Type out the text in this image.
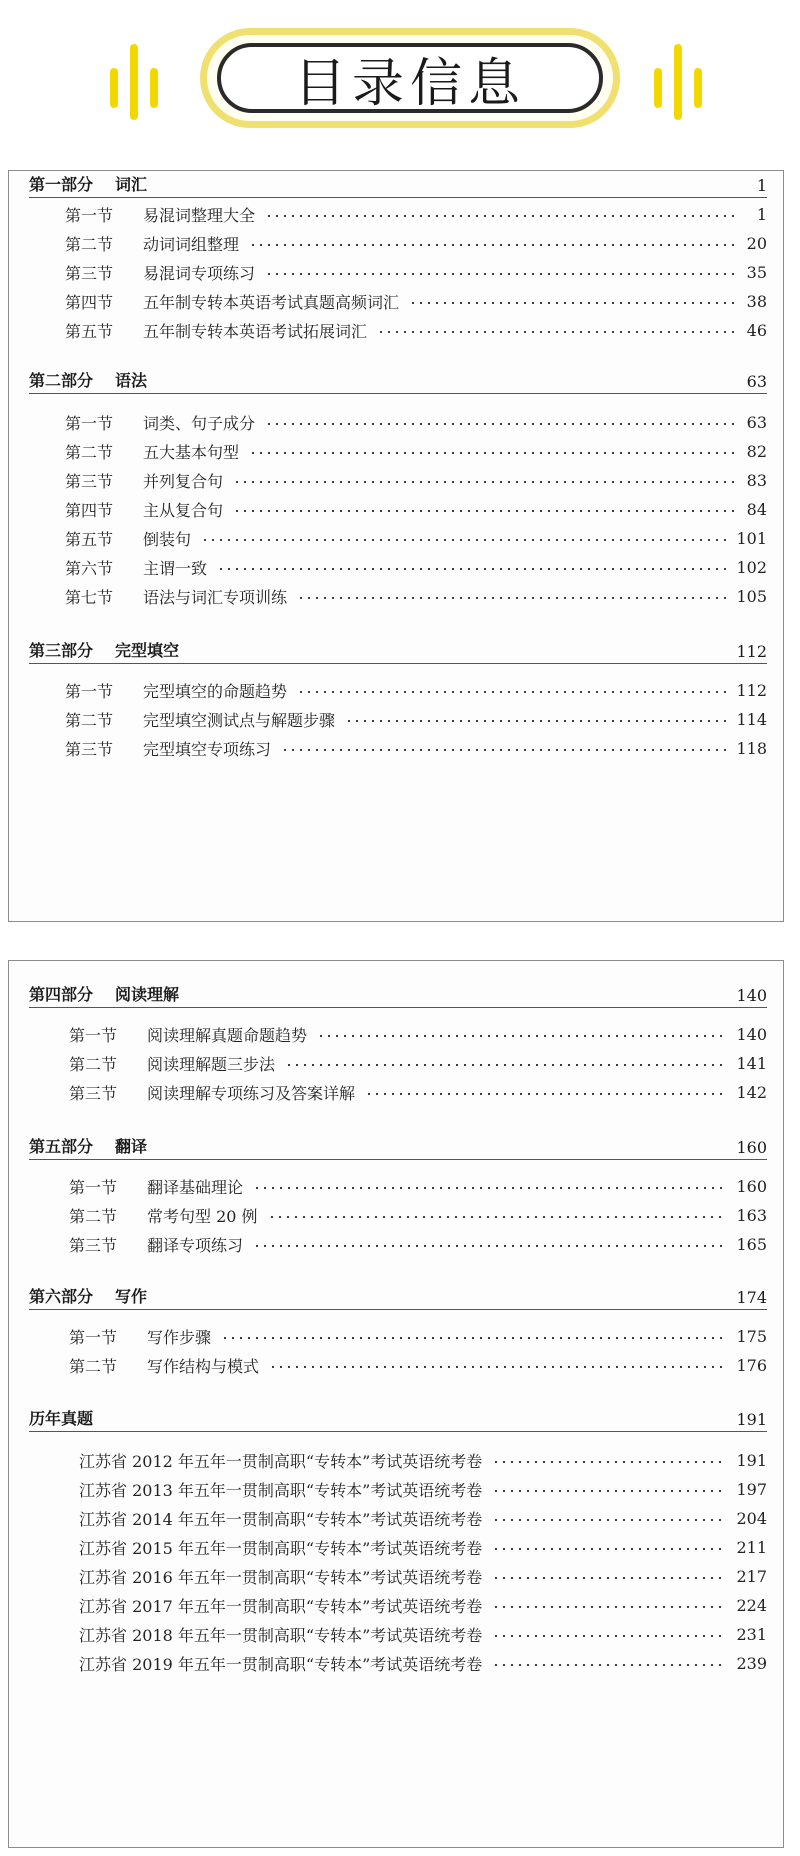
目录信息
第一部分 词汇	1
第一节	易混词整理大全	1
第二节	动词词组整理	20
第三节	易混词专项练习	35
第四节	五年制专转本英语考试真题高频词汇	38
第五节	五年制专转本英语考试拓展词汇	46
第二部分 语法	63
第一节	词类、句子成分	63
第二节	五大基本句型	82
第三节	并列复合句	83
第四节	主从复合句	84
第五节	倒装句	101
第六节	主谓一致	102
第七节	语法与词汇专项训练	105
第三部分 完型填空	112
第一节	完型填空的命题趋势	112
第二节	完型填空测试点与解题步骤	114
第三节	完型填空专项练习	118
第四部分 阅读理解	140
第一节	阅读理解真题命题趋势	140
第二节	阅读理解题三步法	141
第三节	阅读理解专项练习及答案详解	142
第五部分 翻译	160
第一节	翻译基础理论	160
第二节	常考句型 20 例	163
第三节	翻译专项练习	165
第六部分 写作	174
第一节	写作步骤	175
第二节	写作结构与模式	176
历年真题	191
江苏省 2012 年五年一贯制高职“专转本”考试英语统考卷	191
江苏省 2013 年五年一贯制高职“专转本”考试英语统考卷	197
江苏省 2014 年五年一贯制高职“专转本”考试英语统考卷	204
江苏省 2015 年五年一贯制高职“专转本”考试英语统考卷	211
江苏省 2016 年五年一贯制高职“专转本”考试英语统考卷	217
江苏省 2017 年五年一贯制高职“专转本”考试英语统考卷	224
江苏省 2018 年五年一贯制高职“专转本”考试英语统考卷	231
江苏省 2019 年五年一贯制高职“专转本”考试英语统考卷	239
